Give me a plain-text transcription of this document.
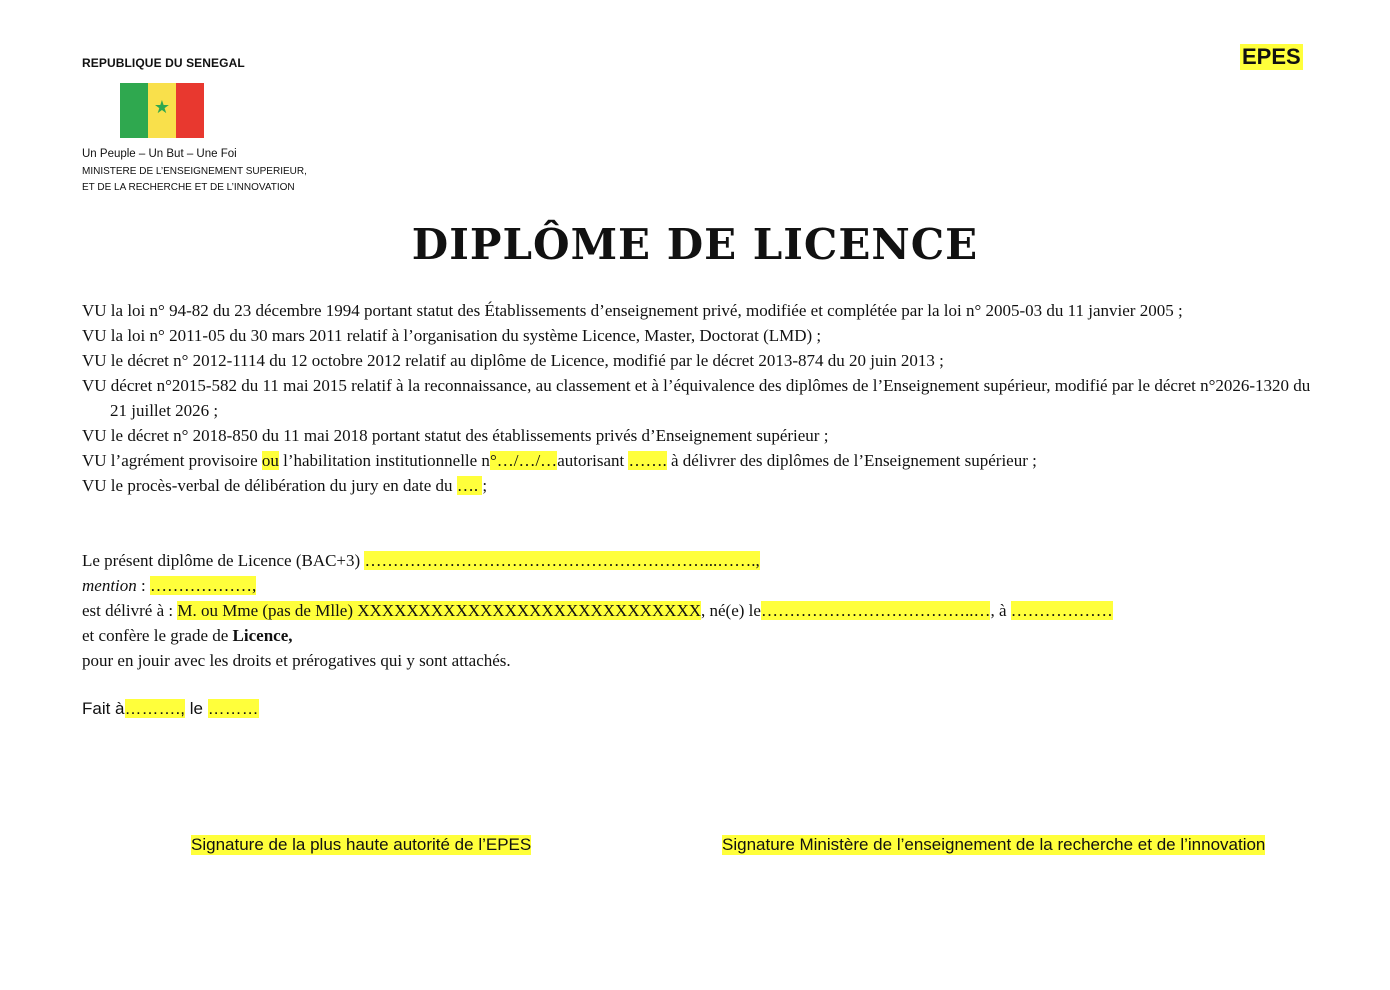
REPUBLIQUE DU SENEGAL	EPES
★
Un Peuple – Un But – Une Foi
MINISTERE DE L’ENSEIGNEMENT SUPERIEUR,
ET DE LA RECHERCHE ET DE L’INNOVATION
DIPLÔME DE LICENCE

VU la loi n° 94-82 du 23 décembre 1994 portant statut des Établissements d’enseignement privé, modifiée et complétée par la loi n° 2005-03 du 11 janvier 2005 ;

VU la loi n° 2011-05 du 30 mars 2011 relatif à l’organisation du système Licence, Master, Doctorat (LMD) ;

VU le décret n° 2012-1114 du 12 octobre 2012 relatif au diplôme de Licence, modifié par le décret 2013-874 du 20 juin 2013 ;

VU décret n°2015-582 du 11 mai 2015 relatif à la reconnaissance, au classement et à l’équivalence des diplômes de l’Enseignement supérieur, modifié par le décret n°2026-1320 du 21 juillet 2026 ;

VU le décret n° 2018-850 du 11 mai 2018 portant statut des établissements privés d’Enseignement supérieur ;

VU l’agrément provisoire ou l’habilitation institutionnelle n°…/…/…autorisant ……. à délivrer des diplômes de l’Enseignement supérieur ;

VU le procès-verbal de délibération du jury en date du …. ;

Le présent diplôme de Licence (BAC+3) ……………………………………………………...…….,
mention : ………………,
est délivré à : M. ou Mme (pas de Mlle) XXXXXXXXXXXXXXXXXXXXXXXXXXXX, né(e) le………………………………..…, à ………………
et confère le grade de Licence,
pour en jouir avec les droits et prérogatives qui y sont attachés.
Fait à………., le ………
Signature de la plus haute autorité de l’EPES	Signature Ministère de l’enseignement de la recherche et de l’innovation
